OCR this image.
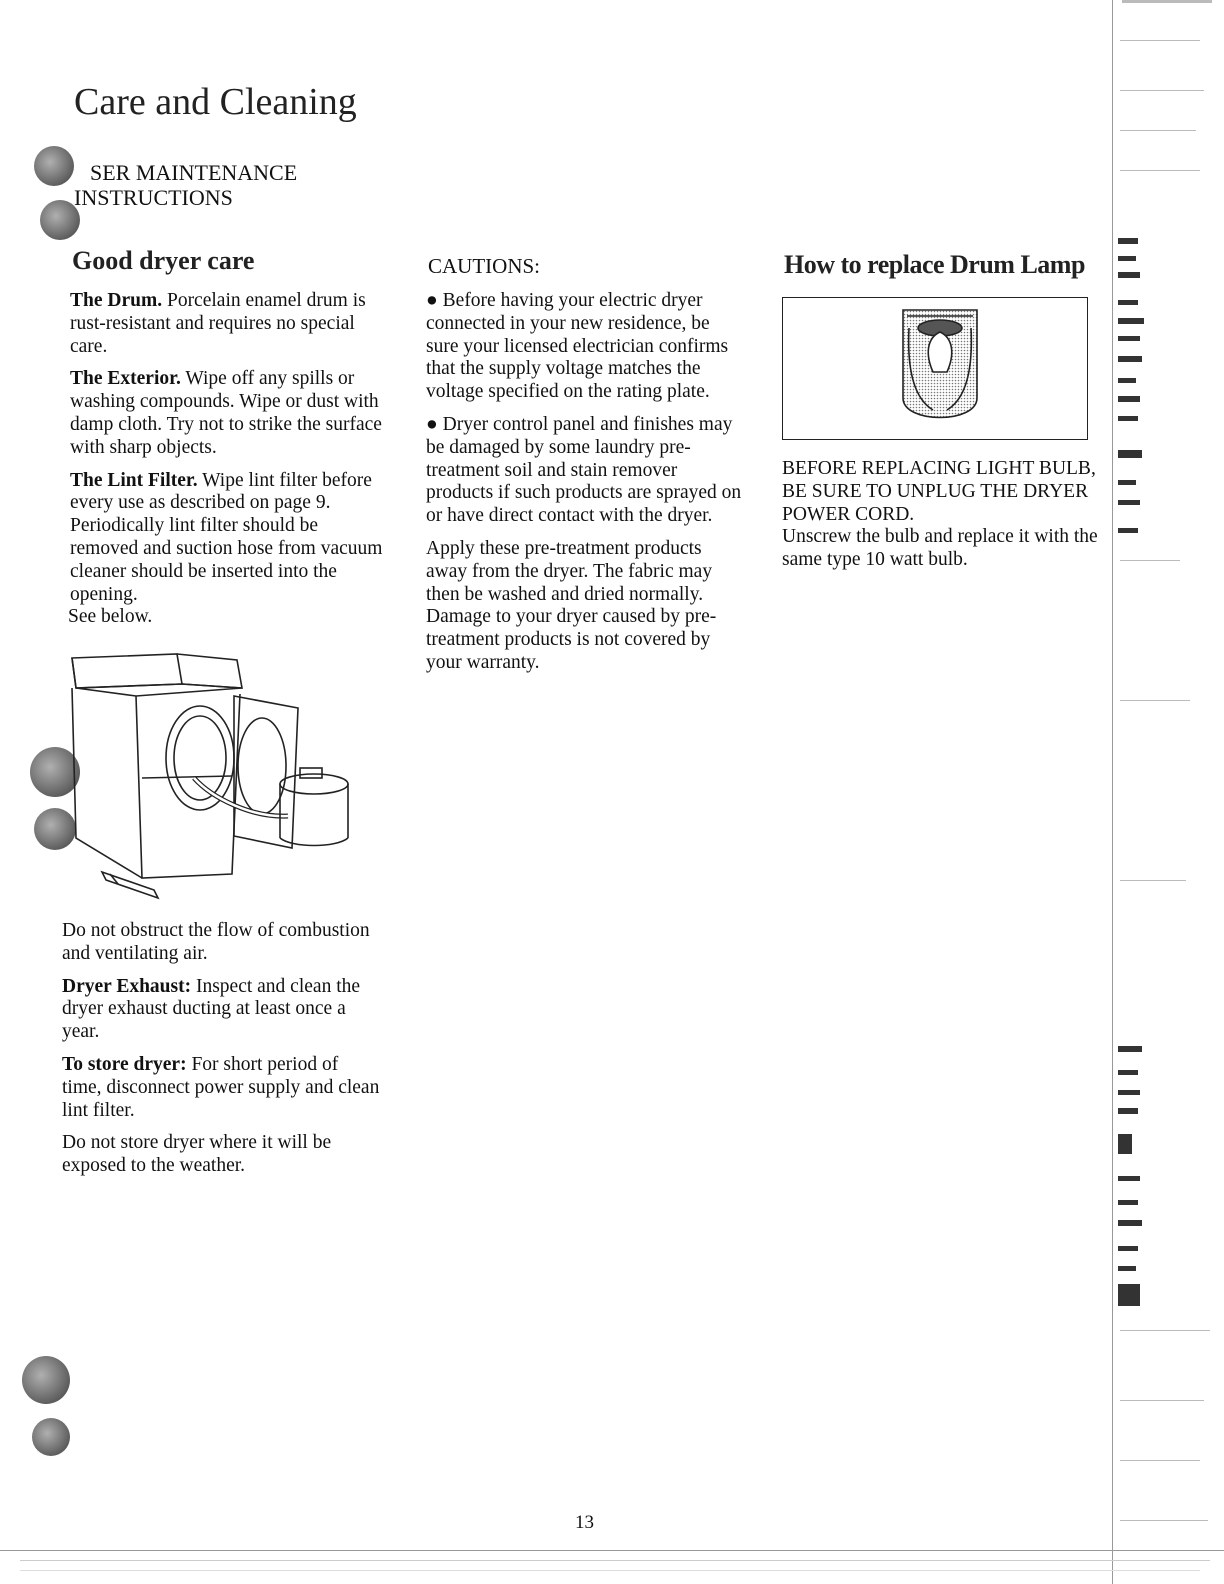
Care and Cleaning
SER MAINTENANCE
INSTRUCTIONS
Good dryer care

The Drum. Porcelain enamel drum is rust-resistant and requires no special care.

The Exterior. Wipe off any spills or washing compounds. Wipe or dust with damp cloth. Try not to strike the surface with sharp objects.

The Lint Filter. Wipe lint filter before every use as described on page 9. Periodically lint filter should be removed and suction hose from vacuum cleaner should be inserted into the opening.

See below.

Do not obstruct the flow of combustion and ventilating air.

Dryer Exhaust: Inspect and clean the dryer exhaust ducting at least once a year.

To store dryer: For short period of time, disconnect power supply and clean lint filter.

Do not store dryer where it will be exposed to the weather.

CAUTIONS:

● Before having your electric dryer connected in your new residence, be sure your licensed electrician confirms that the supply voltage matches the voltage specified on the rating plate.

● Dryer control panel and finishes may be damaged by some laundry pre-treatment soil and stain remover products if such products are sprayed on or have direct contact with the dryer.

Apply these pre-treatment products away from the dryer. The fabric may then be washed and dried normally. Damage to your dryer caused by pre-treatment products is not covered by your warranty.

How to replace Drum Lamp

BEFORE REPLACING LIGHT BULB, BE SURE TO UNPLUG THE DRYER POWER CORD.

Unscrew the bulb and replace it with the same type 10 watt bulb.

13
